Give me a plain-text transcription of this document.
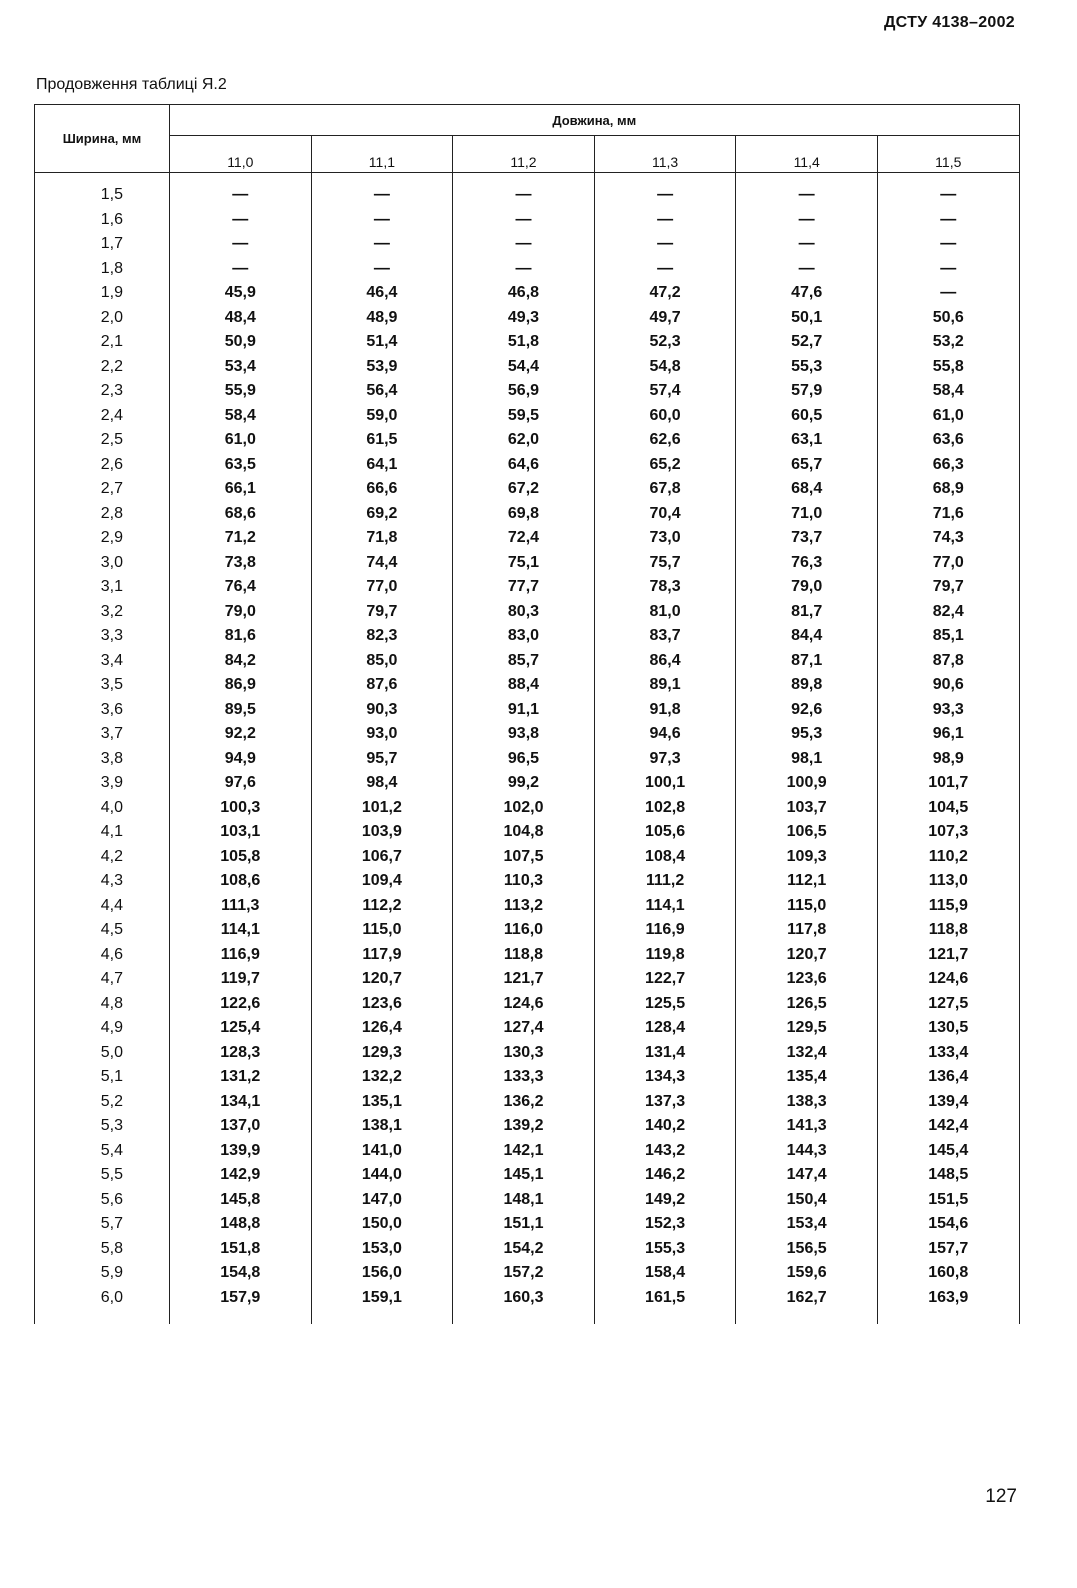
ДСТУ 4138–2002
Продовження таблиці Я.2
Ширина, мм	Довжина, мм					
	11,0	11,1	11,2	11,3	11,4	11,5
1,5	—	—	—	—	—	—
1,6	—	—	—	—	—	—
1,7	—	—	—	—	—	—
1,8	—	—	—	—	—	—
1,9	45,9	46,4	46,8	47,2	47,6	—
2,0	48,4	48,9	49,3	49,7	50,1	50,6
2,1	50,9	51,4	51,8	52,3	52,7	53,2
2,2	53,4	53,9	54,4	54,8	55,3	55,8
2,3	55,9	56,4	56,9	57,4	57,9	58,4
2,4	58,4	59,0	59,5	60,0	60,5	61,0
2,5	61,0	61,5	62,0	62,6	63,1	63,6
2,6	63,5	64,1	64,6	65,2	65,7	66,3
2,7	66,1	66,6	67,2	67,8	68,4	68,9
2,8	68,6	69,2	69,8	70,4	71,0	71,6
2,9	71,2	71,8	72,4	73,0	73,7	74,3
3,0	73,8	74,4	75,1	75,7	76,3	77,0
3,1	76,4	77,0	77,7	78,3	79,0	79,7
3,2	79,0	79,7	80,3	81,0	81,7	82,4
3,3	81,6	82,3	83,0	83,7	84,4	85,1
3,4	84,2	85,0	85,7	86,4	87,1	87,8
3,5	86,9	87,6	88,4	89,1	89,8	90,6
3,6	89,5	90,3	91,1	91,8	92,6	93,3
3,7	92,2	93,0	93,8	94,6	95,3	96,1
3,8	94,9	95,7	96,5	97,3	98,1	98,9
3,9	97,6	98,4	99,2	100,1	100,9	101,7
4,0	100,3	101,2	102,0	102,8	103,7	104,5
4,1	103,1	103,9	104,8	105,6	106,5	107,3
4,2	105,8	106,7	107,5	108,4	109,3	110,2
4,3	108,6	109,4	110,3	111,2	112,1	113,0
4,4	111,3	112,2	113,2	114,1	115,0	115,9
4,5	114,1	115,0	116,0	116,9	117,8	118,8
4,6	116,9	117,9	118,8	119,8	120,7	121,7
4,7	119,7	120,7	121,7	122,7	123,6	124,6
4,8	122,6	123,6	124,6	125,5	126,5	127,5
4,9	125,4	126,4	127,4	128,4	129,5	130,5
5,0	128,3	129,3	130,3	131,4	132,4	133,4
5,1	131,2	132,2	133,3	134,3	135,4	136,4
5,2	134,1	135,1	136,2	137,3	138,3	139,4
5,3	137,0	138,1	139,2	140,2	141,3	142,4
5,4	139,9	141,0	142,1	143,2	144,3	145,4
5,5	142,9	144,0	145,1	146,2	147,4	148,5
5,6	145,8	147,0	148,1	149,2	150,4	151,5
5,7	148,8	150,0	151,1	152,3	153,4	154,6
5,8	151,8	153,0	154,2	155,3	156,5	157,7
5,9	154,8	156,0	157,2	158,4	159,6	160,8
6,0	157,9	159,1	160,3	161,5	162,7	163,9
127
